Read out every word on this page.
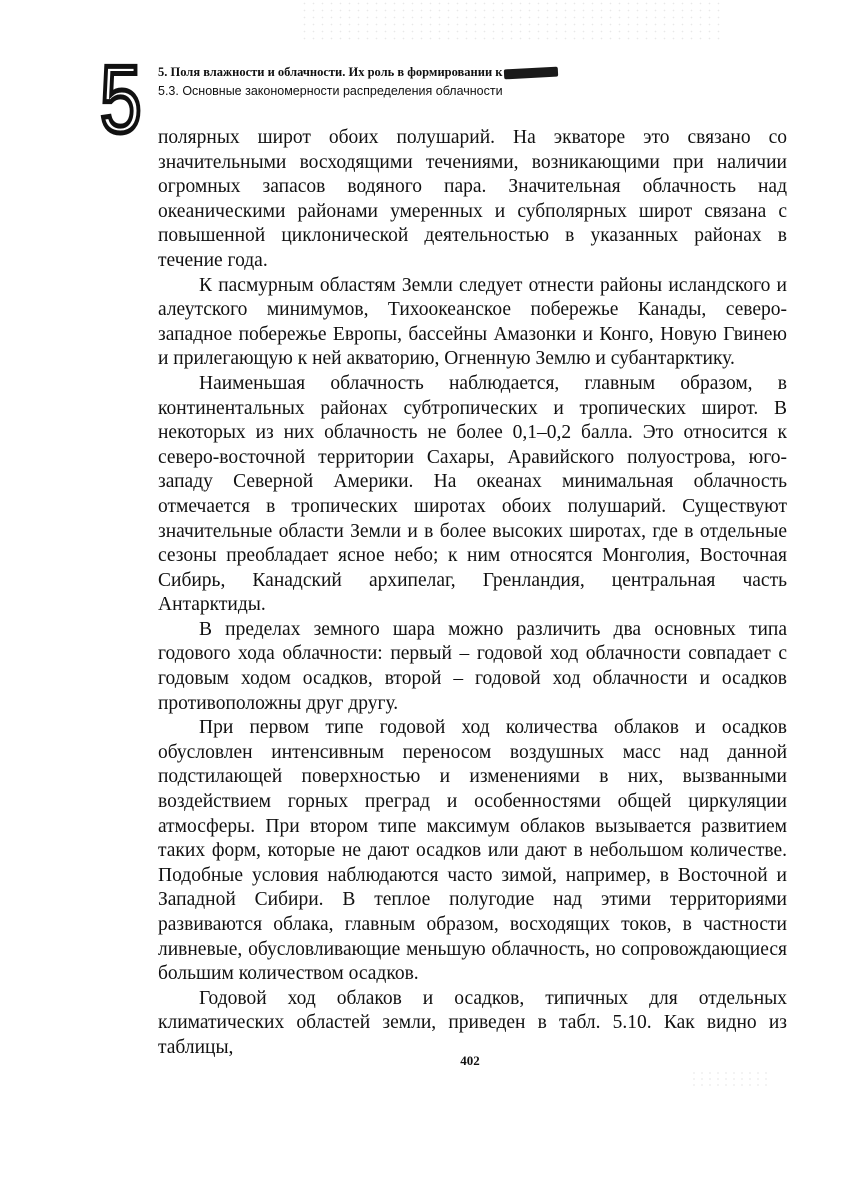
5 5. Поля влажности и облачности. Их роль в формировании к
5.3. Основные закономерности распределения облачности

полярных широт обоих полушарий. На экваторе это связано со значительными восходящими течениями, возникающими при наличии огромных запасов водяного пара. Значительная облачность над океаническими районами умеренных и субполярных широт связана с повышенной циклонической деятельностью в указанных районах в течение года.

К пасмурным областям Земли следует отнести районы исландского и алеутского минимумов, Тихоокеанское побережье Канады, северо-западное побережье Европы, бассейны Амазонки и Конго, Новую Гвинею и прилегающую к ней акваторию, Огненную Землю и субантарктику.

Наименьшая облачность наблюдается, главным образом, в континентальных районах субтропических и тропических широт. В некоторых из них облачность не более 0,1–0,2 балла. Это относится к северо-восточной территории Сахары, Аравийского полуострова, юго-западу Северной Америки. На океанах минимальная облачность отмечается в тропических широтах обоих полушарий. Существуют значительные области Земли и в более высоких широтах, где в отдельные сезоны преобладает ясное небо; к ним относятся Монголия, Восточная Сибирь, Канадский архипелаг, Гренландия, центральная часть Антарктиды.

В пределах земного шара можно различить два основных типа годового хода облачности: первый – годовой ход облачности совпадает с годовым ходом осадков, второй – годовой ход облачности и осадков противоположны друг другу.

При первом типе годовой ход количества облаков и осадков обусловлен интенсивным переносом воздушных масс над данной подстилающей поверхностью и изменениями в них, вызванными воздействием горных преград и особенностями общей циркуляции атмосферы. При втором типе максимум облаков вызывается развитием таких форм, которые не дают осадков или дают в небольшом количестве. Подобные условия наблюдаются часто зимой, например, в Восточной и Западной Сибири. В теплое полугодие над этими территориями развиваются облака, главным образом, восходящих токов, в частности ливневые, обусловливающие меньшую облачность, но сопровождающиеся большим количеством осадков.

Годовой ход облаков и осадков, типичных для отдельных климатических областей земли, приведен в табл. 5.10. Как видно из таблицы,

402
